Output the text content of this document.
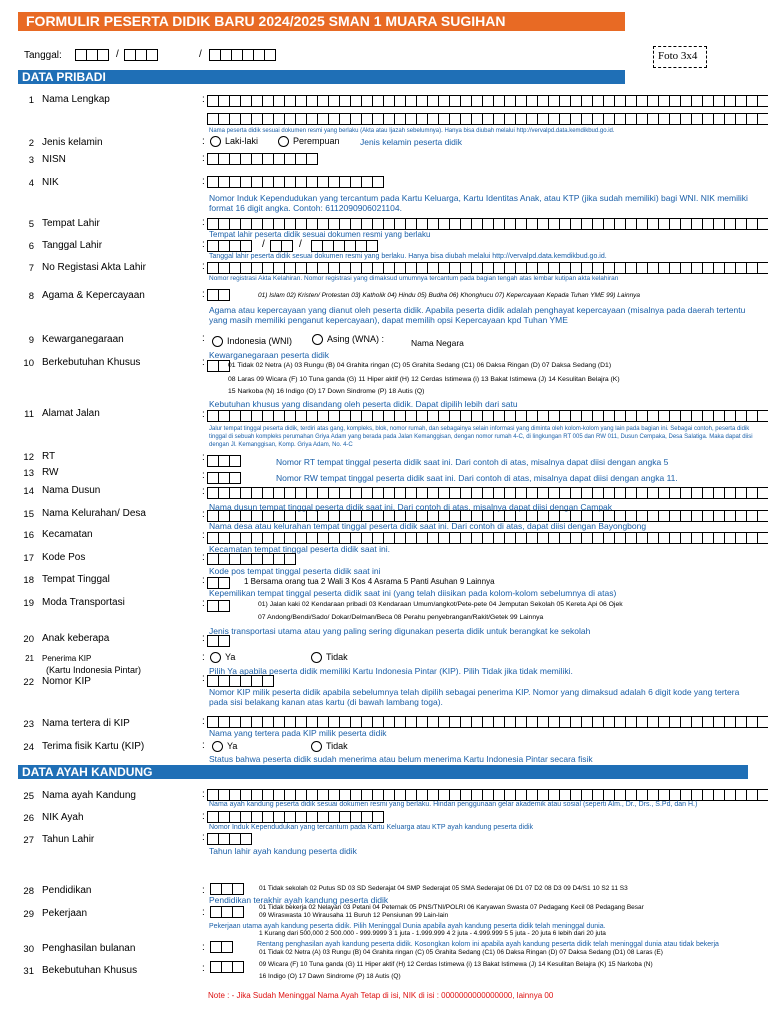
FORMULIR PESERTA DIDIK BARU 2024/2025 SMAN 1 MUARA SUGIHAN
Tanggal:	/	/	Foto 3x4
DATA PRIBADI
1 Nama Lengkap	:
Nama peserta didik sesuai dokumen resmi yang berlaku (Akta atau Ijazah sebelumnya). Hanya bisa diubah melalui http://vervalpd.data.kemdikbud.go.id.
2 Jenis kelamin	:	Laki-laki	Perempuan Jenis kelamin peserta didik
3 NISN	:
4 NIK	:
Nomor Induk Kependudukan yang tercantum pada Kartu Keluarga, Kartu Identitas Anak, atau KTP (jika sudah memiliki) bagi WNI. NIK memiliki format 16 digit angka. Contoh: 6112090906021104.
5 Tempat Lahir	:
Tempat lahir peserta didik sesuai dokumen resmi yang berlaku
6 Tanggal Lahir	:	/	/
Tanggal lahir peserta didik sesuai dokumen resmi yang berlaku. Hanya bisa diubah melalui http://vervalpd.data.kemdikbud.go.id.
7 No Registasi Akta Lahir	:
Nomor registrasi Akta Kelahiran. Nomor registrasi yang dimaksud umumnya tercantum pada bagian tengah atas lembar kutipan akta kelahiran
8 Agama & Kepercayaan	:	01) Islam 02) Kristen/ Protestan 03) Katholik 04) Hindu 05) Budha 06) Khonghucu 07) Kepercayaan Kepada Tuhan YME 99) Lainnya
Agama atau kepercayaan yang dianut oleh peserta didik. Apabila peserta didik adalah penghayat kepercayaan (misalnya pada daerah tertentu yang masih memiliki penganut kepercayaan), dapat memilih opsi Kepercayaan kpd Tuhan YME
9 Kewarganegaraan	:	Indonesia (WNI)	Asing (WNA) :	Nama Negara
Kewarganegaraan peserta didik
10 Berkebutuhan Khusus	:	01 Tidak 02 Netra (A) 03 Rungu (B) 04 Grahita ringan (C) 05 Grahita Sedang (C1) 06 Daksa Ringan (D) 07 Daksa Sedang (D1)
08 Laras 09 Wicara (F) 10 Tuna ganda (G) 11 Hiper aktif (H) 12 Cerdas Istimewa (i) 13 Bakat Istimewa (J) 14 Kesulitan Belajra (K)
15 Narkoba (N) 16 Indigo (O) 17 Down Sindrome (P) 18 Autis (Q)
Kebutuhan khusus yang disandang oleh peserta didik. Dapat dipilih lebih dari satu
11 Alamat Jalan	:
Jalur tempat tinggal peserta didik, terdiri atas gang, kompleks, blok, nomor rumah, dan sebagainya selain informasi yang diminta oleh kolom-kolom yang lain pada bagian ini. Sebagai contoh, peserta didik tinggal di sebuah kompleks perumahan Griya Adam yang berada pada Jalan Kemanggisan, dengan nomor rumah 4-C, di lingkungan RT 005 dan RW 011, Dusun Cempaka, Desa Salatiga. Maka dapat diisi dengan Jl. Kemanggisan, Komp. Griya Adam, No. 4-C
12 RT	:	Nomor RT tempat tinggal peserta didik saat ini. Dari contoh di atas, misalnya dapat diisi dengan angka 5
13 RW	:	Nomor RW tempat tinggal peserta didik saat ini. Dari contoh di atas, misalnya dapat diisi dengan angka 11.
14 Nama Dusun	:
Nama dusun tempat tinggal peserta didik saat ini. Dari contoh di atas, misalnya dapat diisi dengan Campak
15 Nama Kelurahan/ Desa	:
Nama desa atau kelurahan tempat tinggal peserta didik saat ini. Dari contoh di atas, dapat diisi dengan Bayongbong
16 Kecamatan	:
Kecamatan tempat tinggal peserta didik saat ini.
17 Kode Pos	:
Kode pos tempat tinggal peserta didik saat ini
18 Tempat Tinggal	:	1 Bersama orang tua 2 Wali 3 Kos 4 Asrama 5 Panti Asuhan 9 Lainnya
Kepemilikan tempat tinggal peserta didik saat ini (yang telah diisikan pada kolom-kolom sebelumnya di atas)
19 Moda Transportasi	:	01) Jalan kaki 02 Kendaraan pribadi 03 Kendaraan Umum/angkot/Pete-pete 04 Jemputan Sekolah 05 Kereta Api 06 Ojek
07 Andong/Bendi/Sado/ Dokar/Delman/Beca 08 Perahu penyebrangan/Rakit/Getek 99 Lainnya
Jenis transportasi utama atau yang paling sering digunakan peserta didik untuk berangkat ke sekolah
20 Anak keberapa	:
21 Penerima KIP
(Kartu Indonesia Pintar)
:	Ya	Tidak
Pilih Ya apabila peserta didik memiliki Kartu Indonesia Pintar (KIP). Pilih Tidak jika tidak memiliki.
22 Nomor KIP	:
Nomor KIP milik peserta didik apabila sebelumnya telah dipilih sebagai penerima KIP. Nomor yang dimaksud adalah 6 digit kode yang tertera pada sisi belakang kanan atas kartu (di bawah lambang toga).
23 Nama tertera di KIP	:
Nama yang tertera pada KIP milik peserta didik
24 Terima fisik Kartu (KIP)	:	Ya	Tidak
Status bahwa peserta didik sudah menerima atau belum menerima Kartu Indonesia Pintar secara fisik
DATA AYAH KANDUNG
25 Nama ayah Kandung	:
Nama ayah kandung peserta didik sesuai dokumen resmi yang berlaku. Hindari penggunaan gelar akademik atau sosial (seperti Alm., Dr., Drs., S.Pd, dan H.)
26 NIK Ayah	:
Nomor Induk Kependudukan yang tercantum pada Kartu Keluarga atau KTP ayah kandung peserta didik
27 Tahun Lahir	:
Tahun lahir ayah kandung peserta didik
28 Pendidikan	:	01 Tidak sekolah 02 Putus SD 03 SD Sederajat 04 SMP Sederajat 05 SMA Sederajat 06 D1 07 D2 08 D3 09 D4/S1 10 S2 11 S3
Pendidikan terakhir ayah kandung peserta didik
29 Pekerjaan	:	01 Tidak bekerja 02 Nelayan 03 Petani 04 Peternak 05 PNS/TNI/POLRI 06 Karyawan Swasta 07 Pedagang Kecil 08 Pedagang Besar
09 Wiraswasta 10 Wirausaha 11 Buruh 12 Pensiunan 99 Lain-lain
Pekerjaan utama ayah kandung peserta didik. Pilih Meninggal Dunia apabila ayah kandung peserta didik telah meninggal dunia.
1 Kurang dari 500,000 2 500.000 - 999.9999 3 1 juta - 1.999.999 4 2 juta - 4.999.999 5 5 juta - 20 juta 6 lebih dari 20 juta
30 Penghasilan bulanan	:	Rentang penghasilan ayah kandung peserta didik. Kosongkan kolom ini apabila ayah kandung peserta didik telah meninggal dunia atau tidak bekerja
31 Bekebutuhan Khusus	:
01 Tidak 02 Netra (A) 03 Rungu (B) 04 Grahita ringan (C) 05 Grahita Sedang (C1) 06 Daksa Ringan (D) 07 Daksa Sedang (D1) 08 Laras (E)
09 Wicara (F) 10 Tuna ganda (G) 11 Hiper aktif (H) 12 Cerdas Istimewa (i) 13 Bakat Istimewa (J) 14 Kesulitan Belajra (K) 15 Narkoba (N)
16 Indigo (O) 17 Dawn Sindrome (P) 18 Autis (Q)
Note : - Jika Sudah Meninggal Nama Ayah Tetap di isi, NIK di isi : 0000000000000000, lainnya 00
